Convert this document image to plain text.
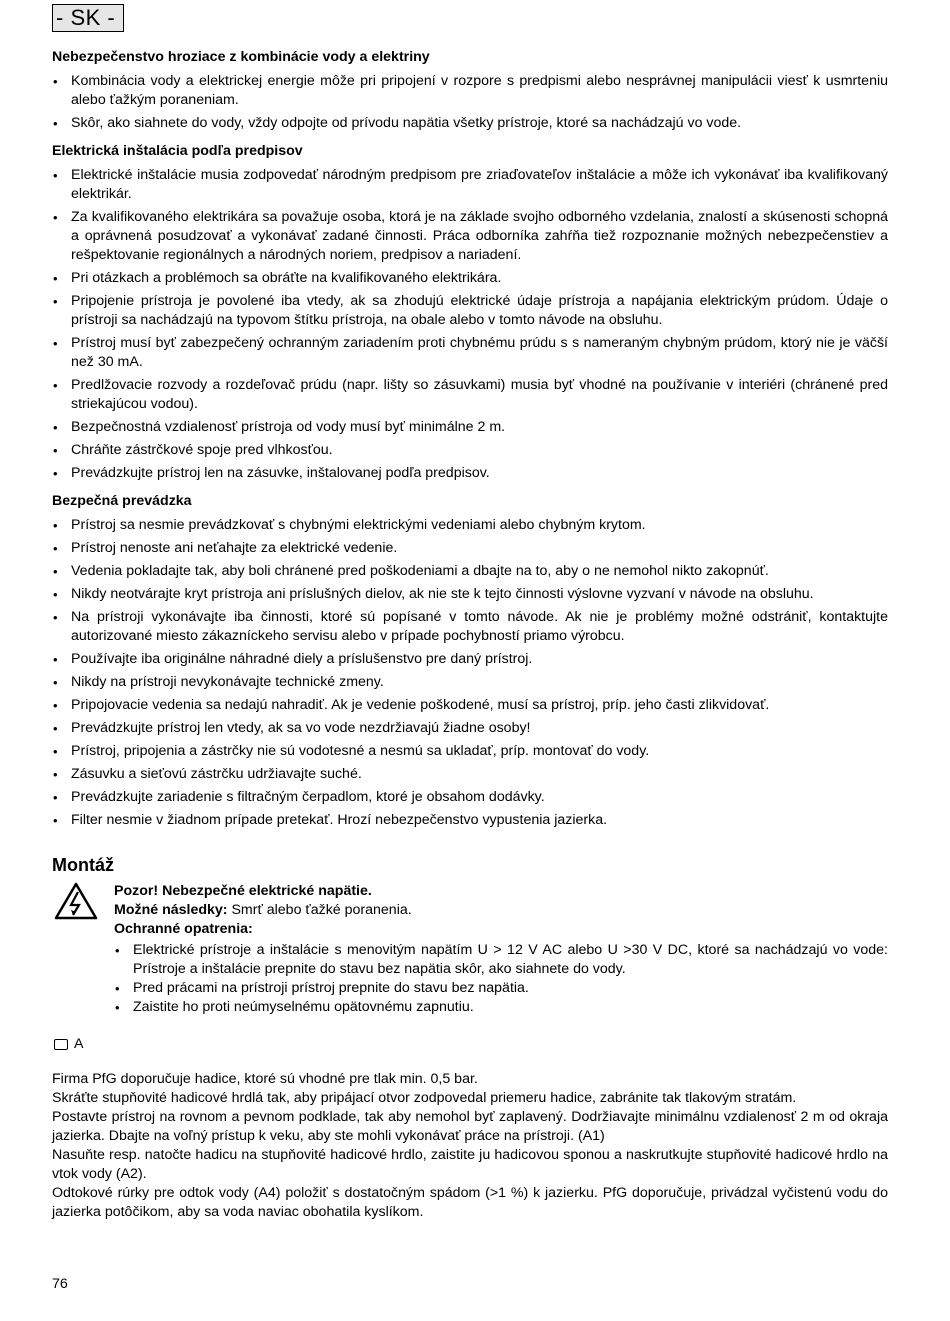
- SK -
Nebezpečenstvo hroziace z kombinácie vody a elektriny
• Kombinácia vody a elektrickej energie môže pri pripojení v rozpore s predpismi alebo nesprávnej manipulácii viesť k usmrteniu alebo ťažkým poraneniam.
• Skôr, ako siahnete do vody, vždy odpojte od prívodu napätia všetky prístroje, ktoré sa nachádzajú vo vode.
Elektrická inštalácia podľa predpisov
• Elektrické inštalácie musia zodpovedať národným predpisom pre zriaďovateľov inštalácie a môže ich vykonávať iba kvalifikovaný elektrikár.
• Za kvalifikovaného elektrikára sa považuje osoba, ktorá je na základe svojho odborného vzdelania, znalostí a skúsenosti schopná a oprávnená posudzovať a vykonávať zadané činnosti. Práca odborníka zahŕňa tiež rozpoznanie možných nebezpečenstiev a rešpektovanie regionálnych a národných noriem, predpisov a nariadení.
• Pri otázkach a problémoch sa obráťte na kvalifikovaného elektrikára.
• Pripojenie prístroja je povolené iba vtedy, ak sa zhodujú elektrické údaje prístroja a napájania elektrickým prúdom. Údaje o prístroji sa nachádzajú na typovom štítku prístroja, na obale alebo v tomto návode na obsluhu.
• Prístroj musí byť zabezpečený ochranným zariadením proti chybnému prúdu s s nameraným chybným prúdom, ktorý nie je väčší než 30 mA.
• Predlžovacie rozvody a rozdeľovač prúdu (napr. lišty so zásuvkami) musia byť vhodné na používanie v interiéri (chránené pred striekajúcou vodou).
• Bezpečnostná vzdialenosť prístroja od vody musí byť minimálne 2 m.
• Chráňte zástrčkové spoje pred vlhkosťou.
• Prevádzkujte prístroj len na zásuvke, inštalovanej podľa predpisov.
Bezpečná prevádzka
• Prístroj sa nesmie prevádzkovať s chybnými elektrickými vedeniami alebo chybným krytom.
• Prístroj nenoste ani neťahajte za elektrické vedenie.
• Vedenia pokladajte tak, aby boli chránené pred poškodeniami a dbajte na to, aby o ne nemohol nikto zakopnúť.
• Nikdy neotvárajte kryt prístroja ani príslušných dielov, ak nie ste k tejto činnosti výslovne vyzvaní v návode na obsluhu.
• Na prístroji vykonávajte iba činnosti, ktoré sú popísané v tomto návode. Ak nie je problémy možné odstrániť, kontaktujte autorizované miesto zákazníckeho servisu alebo v prípade pochybností priamo výrobcu.
• Používajte iba originálne náhradné diely a príslušenstvo pre daný prístroj.
• Nikdy na prístroji nevykonávajte technické zmeny.
• Pripojovacie vedenia sa nedajú nahradiť. Ak je vedenie poškodené, musí sa prístroj, príp. jeho časti zlikvidovať.
• Prevádzkujte prístroj len vtedy, ak sa vo vode nezdržiavajú žiadne osoby!
• Prístroj, pripojenia a zástrčky nie sú vodotesné a nesmú sa ukladať, príp. montovať do vody.
• Zásuvku a sieťovú zástrčku udržiavajte suché.
• Prevádzkujte zariadenie s filtračným čerpadlom, ktoré je obsahom dodávky.
• Filter nesmie v žiadnom prípade pretekať. Hrozí nebezpečenstvo vypustenia jazierka.
Montáž

Pozor! Nebezpečné elektrické napätie.

Možné následky: Smrť alebo ťažké poranenia.

Ochranné opatrenia:

• Elektrické prístroje a inštalácie s menovitým napätím U > 12 V AC alebo U >30 V DC, ktoré sa nachádzajú vo vode: Prístroje a inštalácie prepnite do stavu bez napätia skôr, ako siahnete do vody.
• Pred prácami na prístroji prístroj prepnite do stavu bez napätia.
• Zaistite ho proti neúmyselnému opätovnému zapnutiu.
A

Firma PfG doporučuje hadice, ktoré sú vhodné pre tlak min. 0,5 bar.

Skráťte stupňovité hadicové hrdlá tak, aby pripájací otvor zodpovedal priemeru hadice, zabránite tak tlakovým stratám.

Postavte prístroj na rovnom a pevnom podklade, tak aby nemohol byť zaplavený. Dodržiavajte minimálnu vzdialenosť 2 m od okraja jazierka. Dbajte na voľný prístup k veku, aby ste mohli vykonávať práce na prístroji. (A1)

Nasuňte resp. natočte hadicu na stupňovité hadicové hrdlo, zaistite ju hadicovou sponou a naskrutkujte stupňovité hadicové hrdlo na vtok vody (A2).

Odtokové rúrky pre odtok vody (A4) položiť s dostatočným spádom (>1 %) k jazierku. PfG doporučuje, privádzal vyčistenú vodu do jazierka potôčikom, aby sa voda naviac obohatila kyslíkom.

76
